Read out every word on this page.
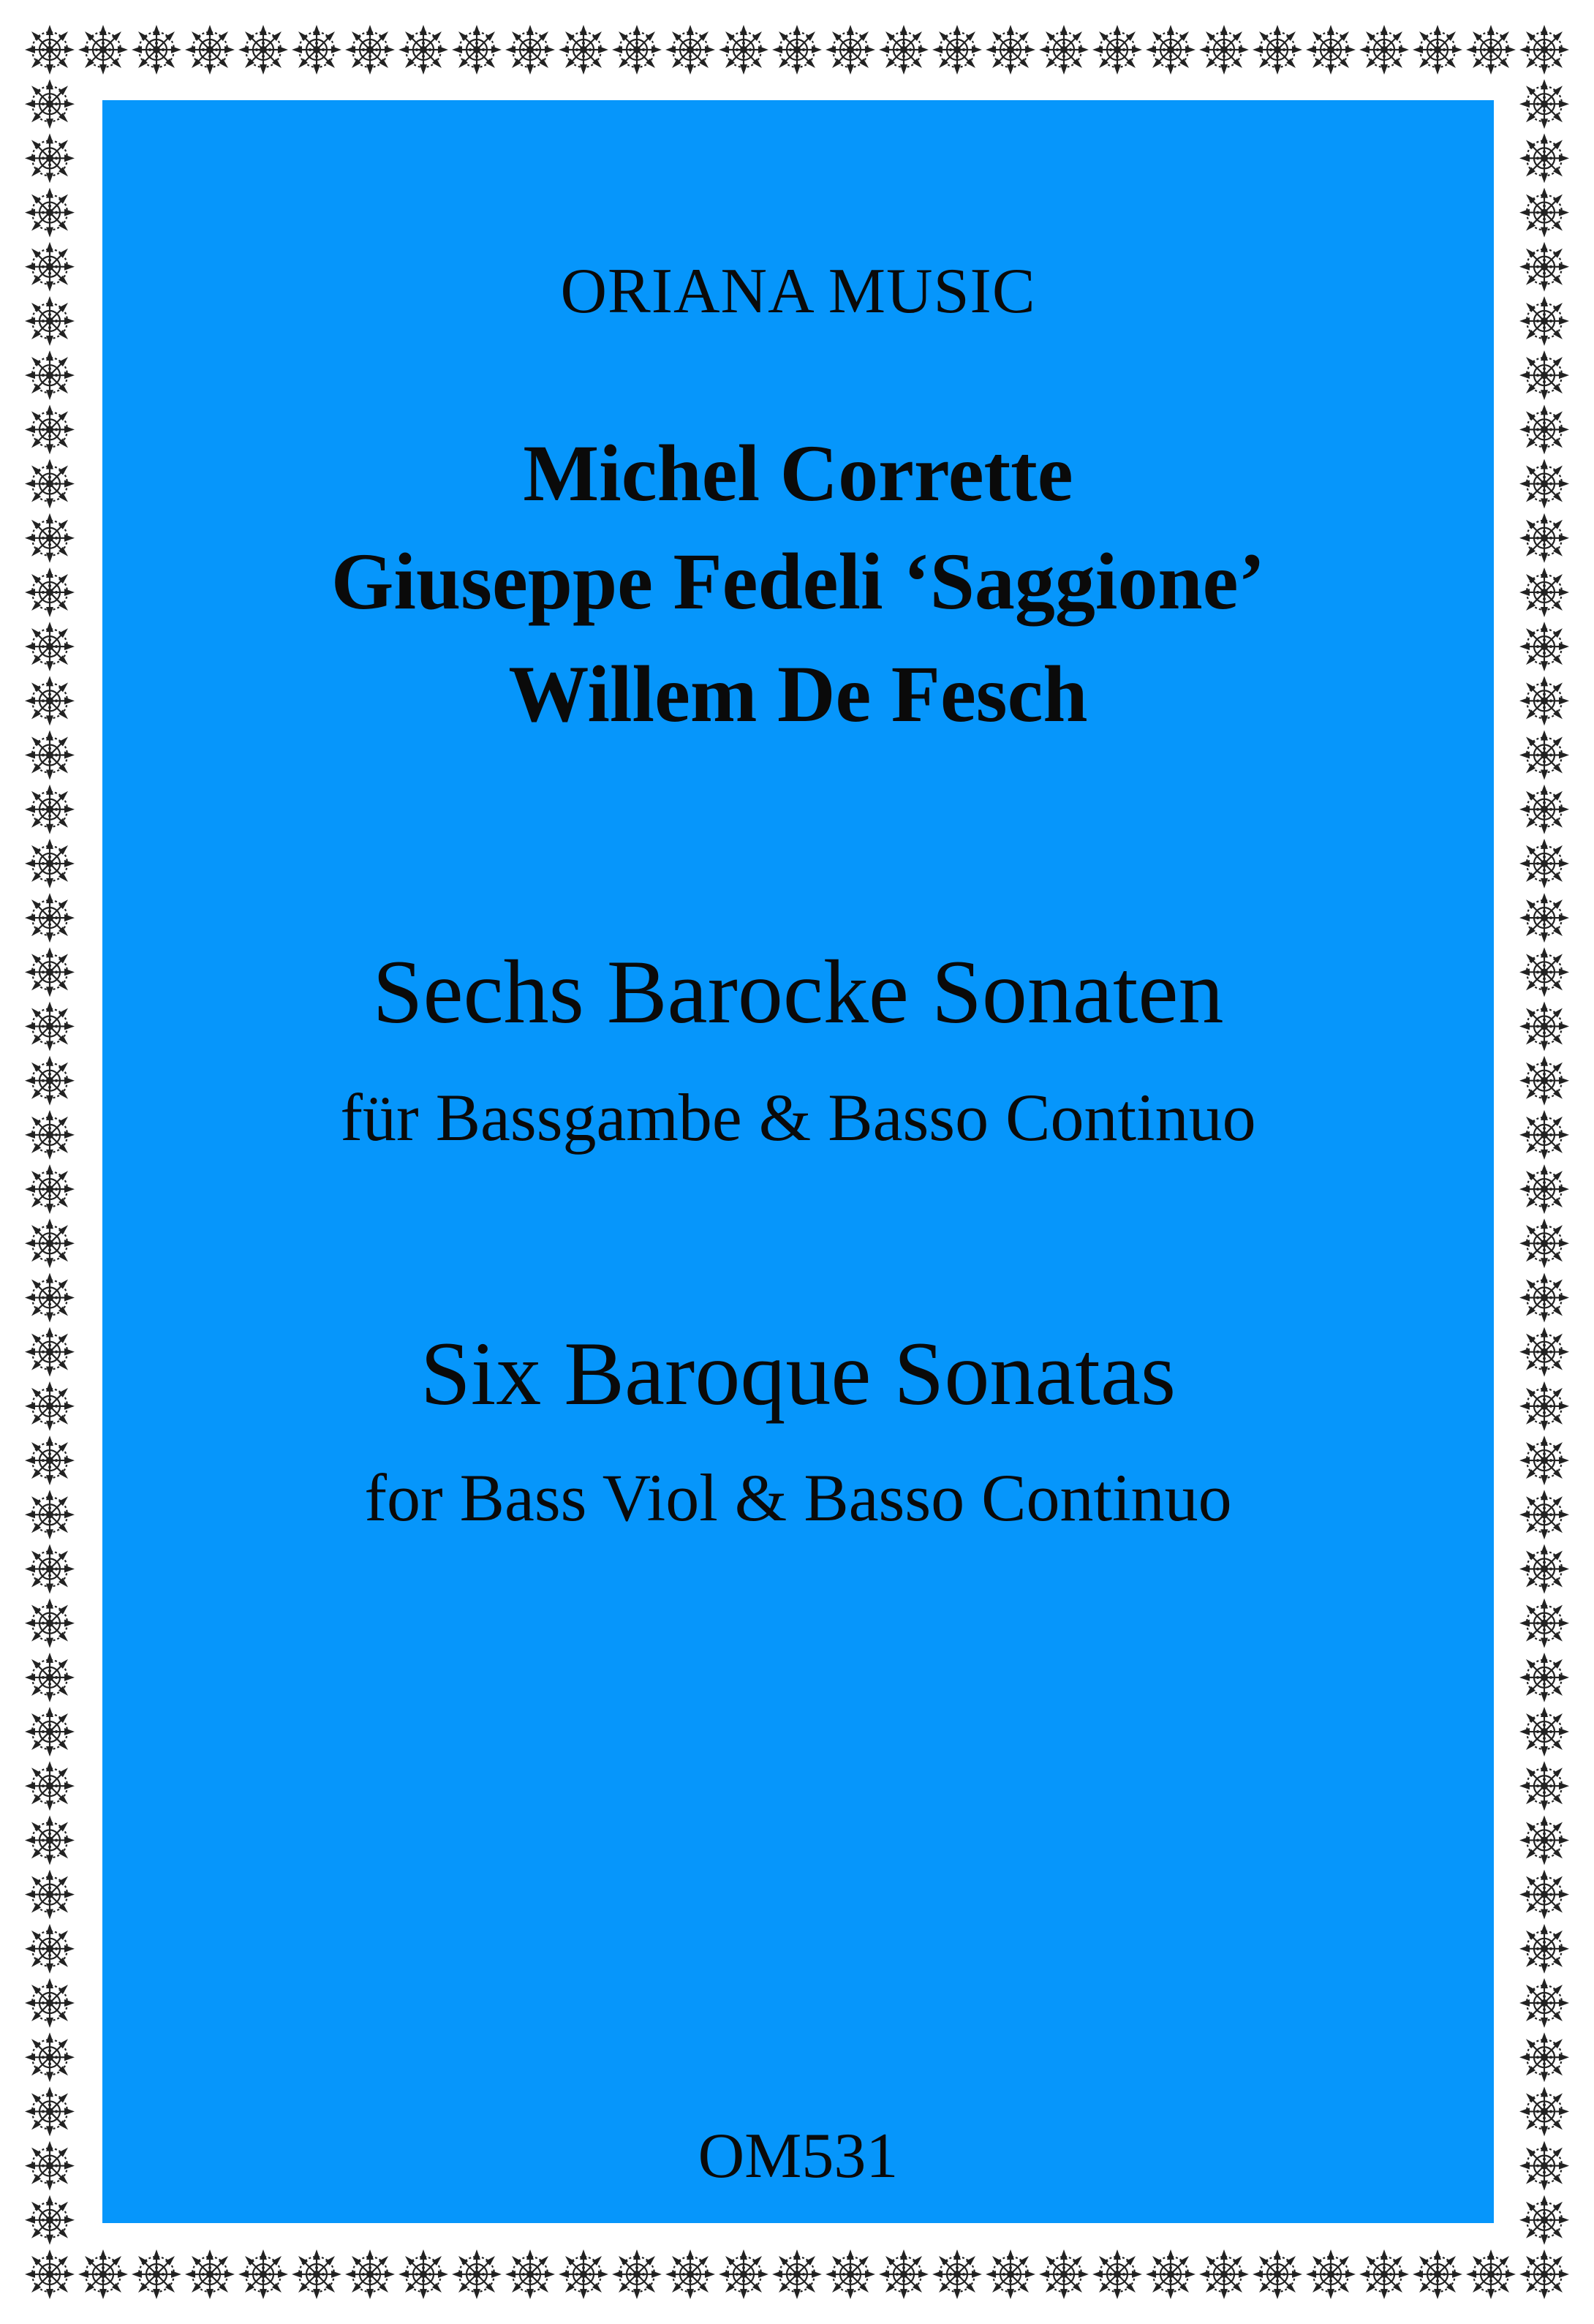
ORIANA MUSIC
Michel Corrette
Giuseppe Fedeli ‘Saggione’
Willem De Fesch
Sechs Barocke Sonaten
für Bassgambe & Basso Continuo
Six Baroque Sonatas
for Bass Viol & Basso Continuo
OM531
